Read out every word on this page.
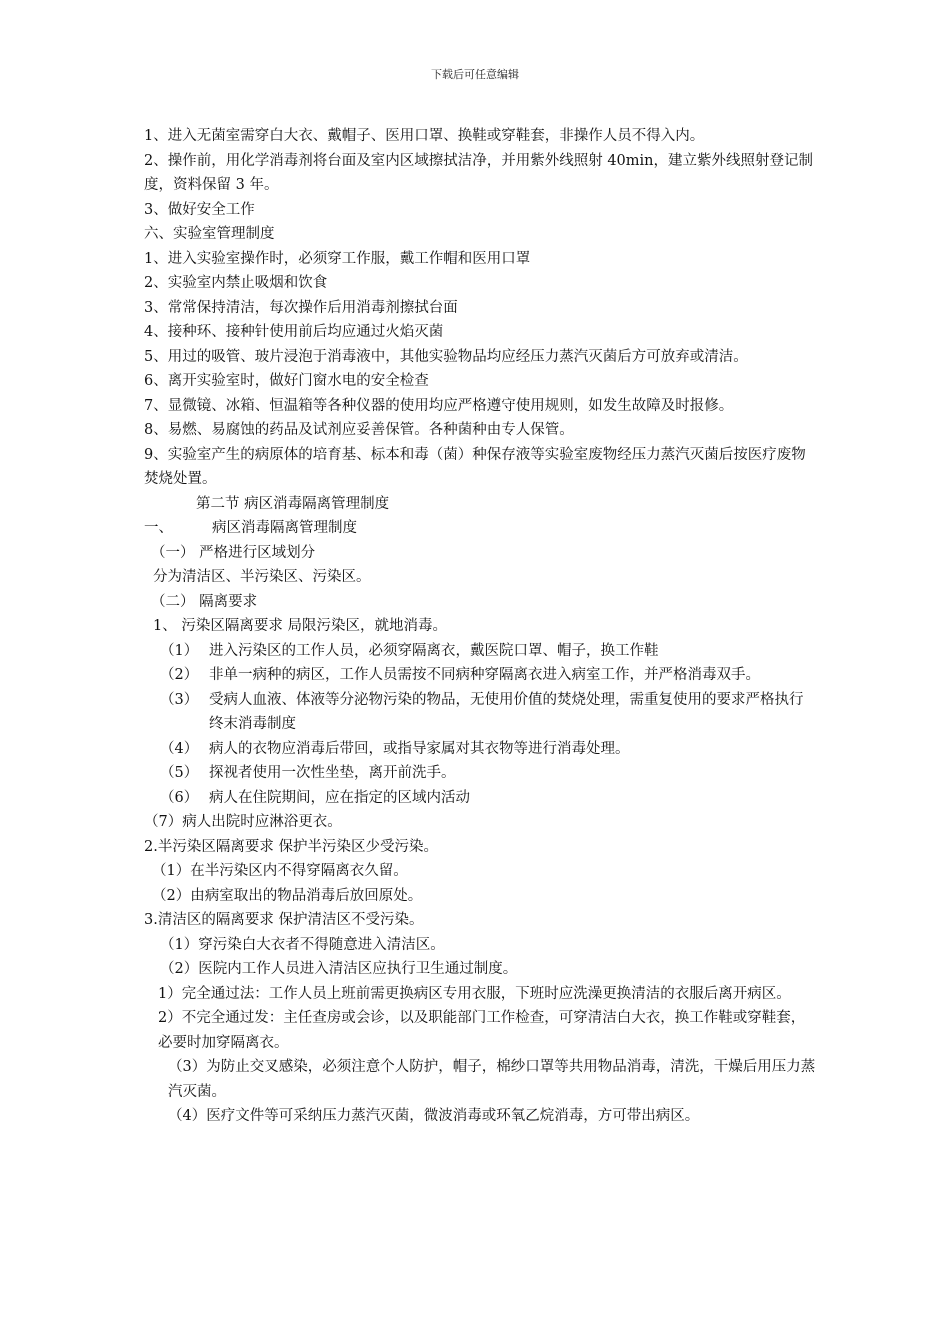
下载后可任意编辑

1、进入无菌室需穿白大衣、戴帽子、医用口罩、换鞋或穿鞋套，非操作人员不得入内。

2、操作前，用化学消毒剂将台面及室内区域擦拭洁净，并用紫外线照射 40min，建立紫外线照射登记制度，资料保留 3 年。

3、做好安全工作

六、实验室管理制度

1、进入实验室操作时，必须穿工作服，戴工作帽和医用口罩

2、实验室内禁止吸烟和饮食

3、常常保持清洁，每次操作后用消毒剂擦拭台面

4、接种环、接种针使用前后均应通过火焰灭菌

5、用过的吸管、玻片浸泡于消毒液中，其他实验物品均应经压力蒸汽灭菌后方可放弃或清洁。

6、离开实验室时，做好门窗水电的安全检查

7、显微镜、冰箱、恒温箱等各种仪器的使用均应严格遵守使用规则，如发生故障及时报修。

8、易燃、易腐蚀的药品及试剂应妥善保管。各种菌种由专人保管。

9、实验室产生的病原体的培育基、标本和毒（菌）种保存液等实验室废物经压力蒸汽灭菌后按医疗废物焚烧处置。

第二节 病区消毒隔离管理制度

一、	病区消毒隔离管理制度

（一） 严格进行区域划分

分为清洁区、半污染区、污染区。

（二） 隔离要求

1、 污染区隔离要求 局限污染区，就地消毒。

（1） 进入污染区的工作人员，必须穿隔离衣，戴医院口罩、帽子，换工作鞋
（2） 非单一病种的病区，工作人员需按不同病种穿隔离衣进入病室工作，并严格消毒双手。
（3） 受病人血液、体液等分泌物污染的物品，无使用价值的焚烧处理，需重复使用的要求严格执行终末消毒制度
（4） 病人的衣物应消毒后带回，或指导家属对其衣物等进行消毒处理。
（5） 探视者使用一次性坐垫，离开前洗手。
（6） 病人在住院期间，应在指定的区域内活动

（7）病人出院时应淋浴更衣。

2.半污染区隔离要求 保护半污染区少受污染。

（1）在半污染区内不得穿隔离衣久留。

（2）由病室取出的物品消毒后放回原处。

3.清洁区的隔离要求 保护清洁区不受污染。

（1）穿污染白大衣者不得随意进入清洁区。

（2）医院内工作人员进入清洁区应执行卫生通过制度。

1）完全通过法：工作人员上班前需更换病区专用衣服，下班时应洗澡更换清洁的衣服后离开病区。

2）不完全通过发：主任查房或会诊，以及职能部门工作检查，可穿清洁白大衣，换工作鞋或穿鞋套，必要时加穿隔离衣。

（3）为防止交叉感染，必须注意个人防护，帽子，棉纱口罩等共用物品消毒，清洗，干燥后用压力蒸汽灭菌。

（4）医疗文件等可采纳压力蒸汽灭菌，微波消毒或环氧乙烷消毒，方可带出病区。
